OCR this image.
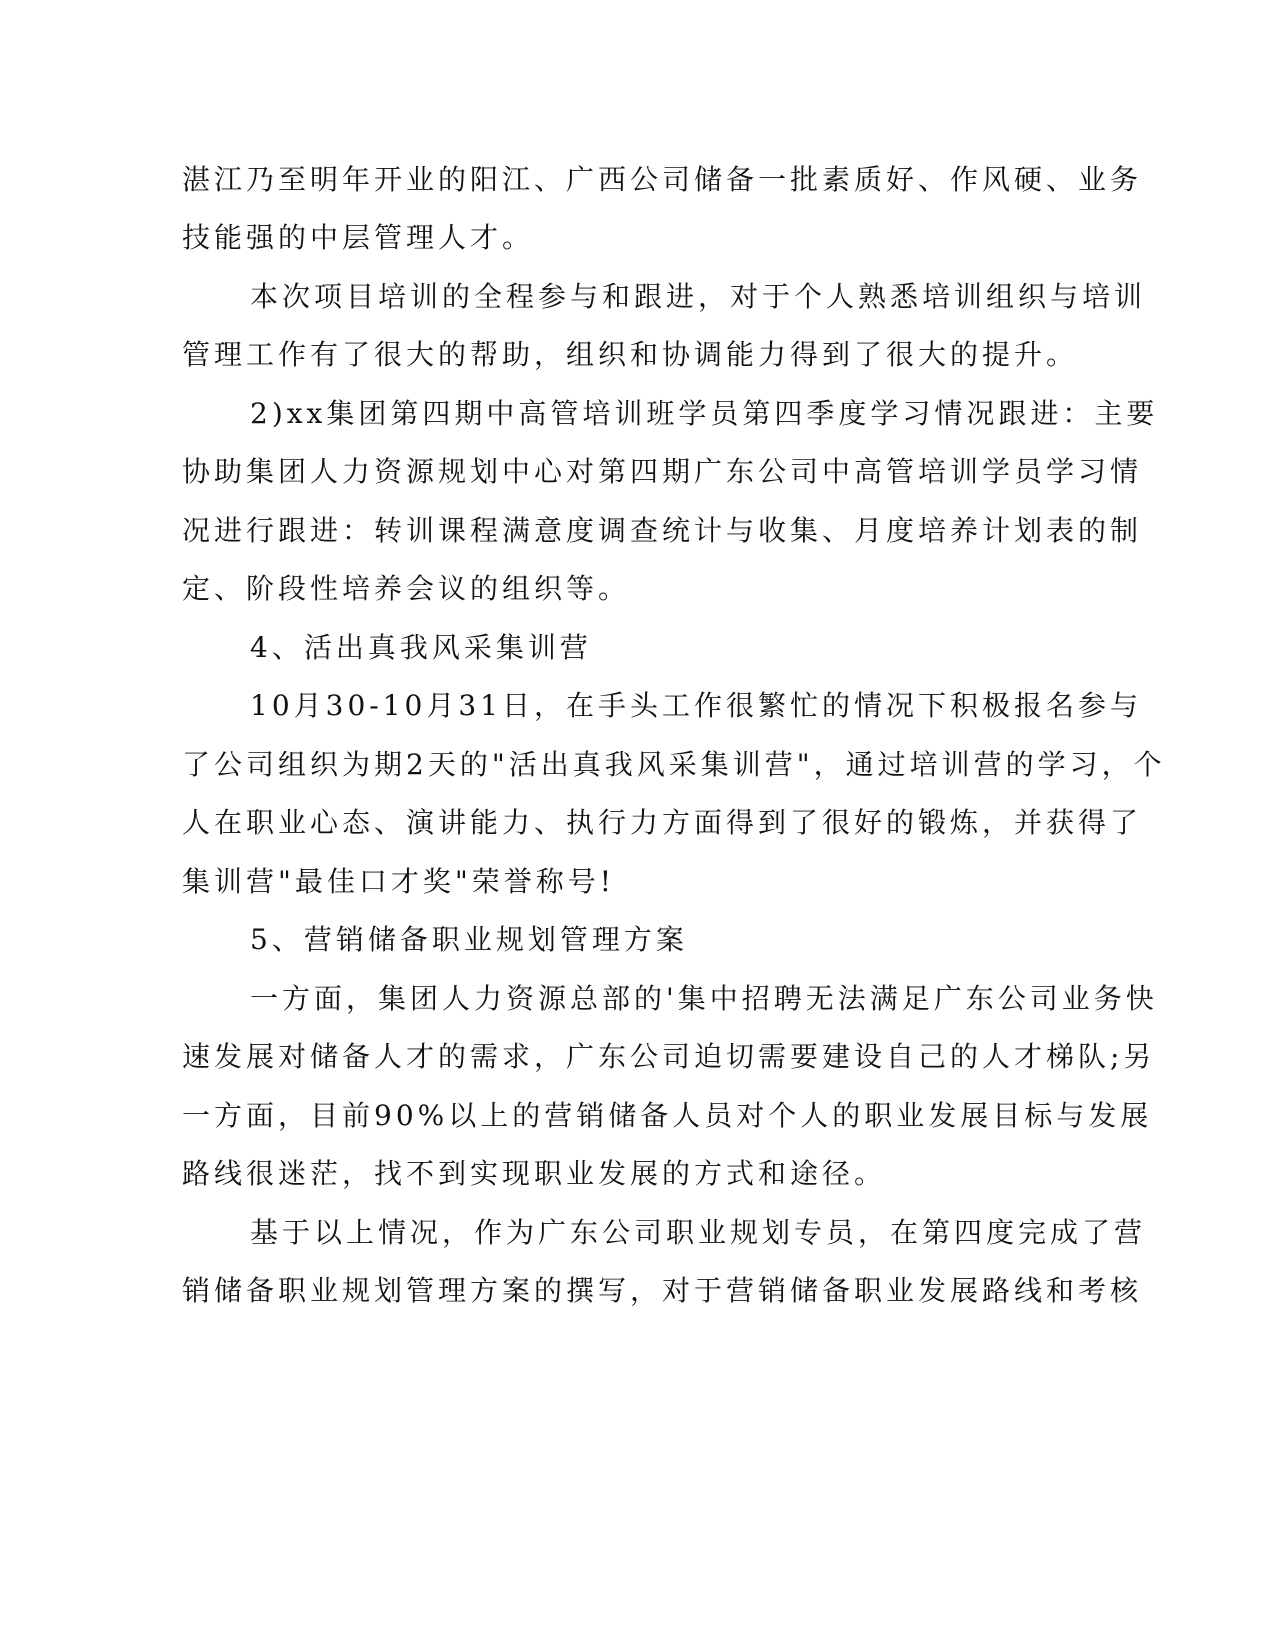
湛江乃至明年开业的阳江、广西公司储备一批素质好、作风硬、业务
技能强的中层管理人才。
本次项目培训的全程参与和跟进，对于个人熟悉培训组织与培训
管理工作有了很大的帮助，组织和协调能力得到了很大的提升。
2)xx集团第四期中高管培训班学员第四季度学习情况跟进：主要
协助集团人力资源规划中心对第四期广东公司中高管培训学员学习情
况进行跟进：转训课程满意度调查统计与收集、月度培养计划表的制
定、阶段性培养会议的组织等。
4、活出真我风采集训营
10月30-10月31日，在手头工作很繁忙的情况下积极报名参与
了公司组织为期2天的"活出真我风采集训营"，通过培训营的学习，个
人在职业心态、演讲能力、执行力方面得到了很好的锻炼，并获得了
集训营"最佳口才奖"荣誉称号!
5、营销储备职业规划管理方案
一方面，集团人力资源总部的'集中招聘无法满足广东公司业务快
速发展对储备人才的需求，广东公司迫切需要建设自己的人才梯队;另
一方面，目前90%以上的营销储备人员对个人的职业发展目标与发展
路线很迷茫，找不到实现职业发展的方式和途径。
基于以上情况，作为广东公司职业规划专员，在第四度完成了营
销储备职业规划管理方案的撰写，对于营销储备职业发展路线和考核
